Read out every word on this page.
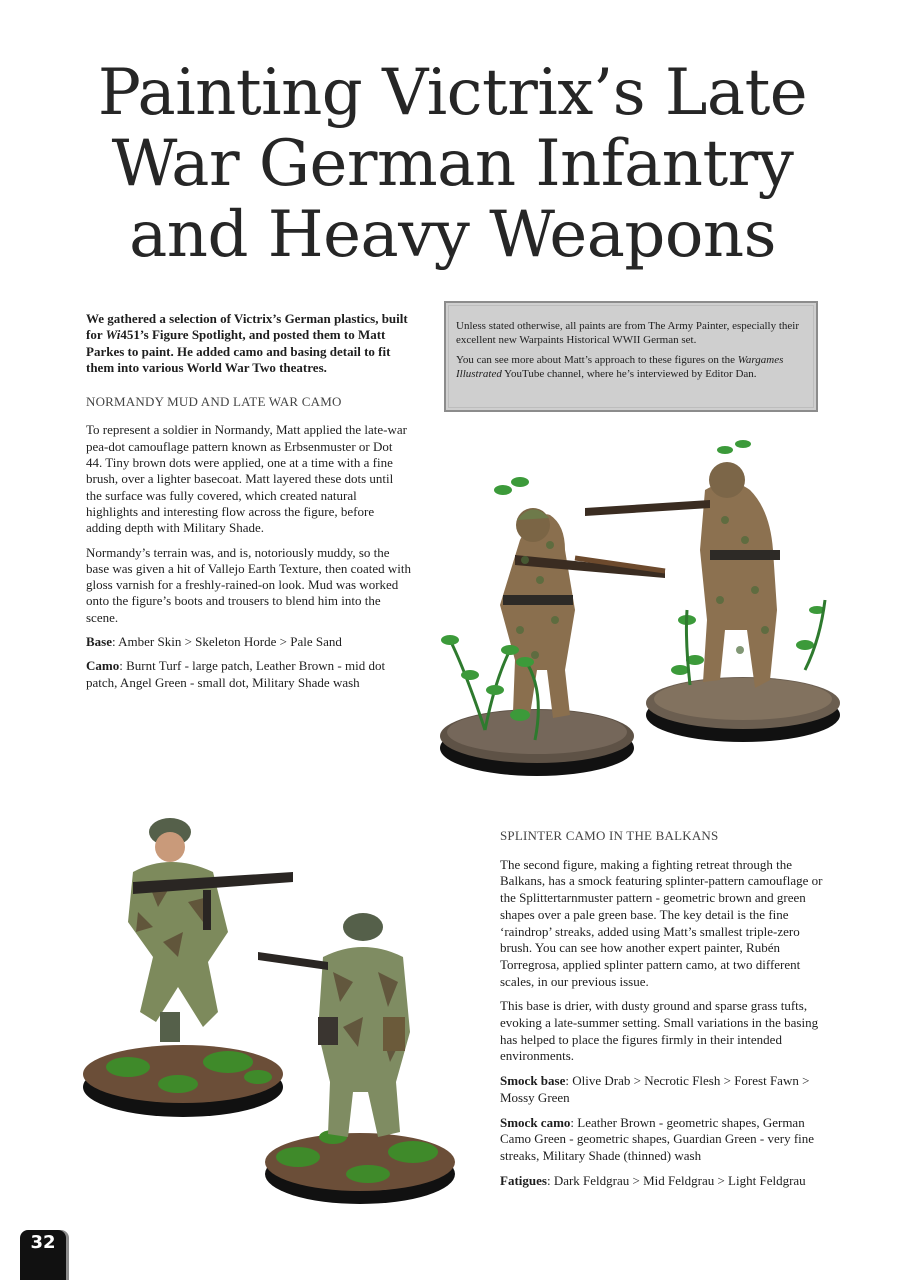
Painting Victrix’s Late
War German Infantry
and Heavy Weapons

We gathered a selection of Victrix’s German plastics, built for Wi451’s Figure Spotlight, and posted them to Matt Parkes to paint. He added camo and basing detail to fit them into various World War Two theatres.

NORMANDY MUD AND LATE WAR CAMO

To represent a soldier in Normandy, Matt applied the late-war pea-dot camouflage pattern known as Erbsenmuster or Dot 44. Tiny brown dots were applied, one at a time with a fine brush, over a lighter basecoat. Matt layered these dots until the surface was fully covered, which created natural highlights and interesting flow across the figure, before adding depth with Military Shade.

Normandy’s terrain was, and is, notoriously muddy, so the base was given a hit of Vallejo Earth Texture, then coated with gloss varnish for a freshly-rained-on look. Mud was worked onto the figure’s boots and trousers to blend him into the scene.

Base: Amber Skin > Skeleton Horde > Pale Sand

Camo: Burnt Turf - large patch, Leather Brown - mid dot patch, Angel Green - small dot, Military Shade wash

Unless stated otherwise, all paints are from The Army Painter, especially their excellent new Warpaints Historical WWII German set.

You can see more about Matt’s approach to these figures on the Wargames Illustrated YouTube channel, where he’s interviewed by Editor Dan.

SPLINTER CAMO IN THE BALKANS

The second figure, making a fighting retreat through the Balkans, has a smock featuring splinter-pattern camouflage or the Splittertarnmuster pattern - geometric brown and green shapes over a pale green base. The key detail is the fine ‘raindrop’ streaks, added using Matt’s smallest triple-zero brush. You can see how another expert painter, Rubén Torregrosa, applied splinter pattern camo, at two different scales, in our previous issue.

This base is drier, with dusty ground and sparse grass tufts, evoking a late-summer setting. Small variations in the basing has helped to place the figures firmly in their intended environments.

Smock base: Olive Drab > Necrotic Flesh > Forest Fawn > Mossy Green

Smock camo: Leather Brown - geometric shapes, German Camo Green - geometric shapes, Guardian Green - very fine streaks, Military Shade (thinned) wash

Fatigues: Dark Feldgrau > Mid Feldgrau > Light Feldgrau

32
